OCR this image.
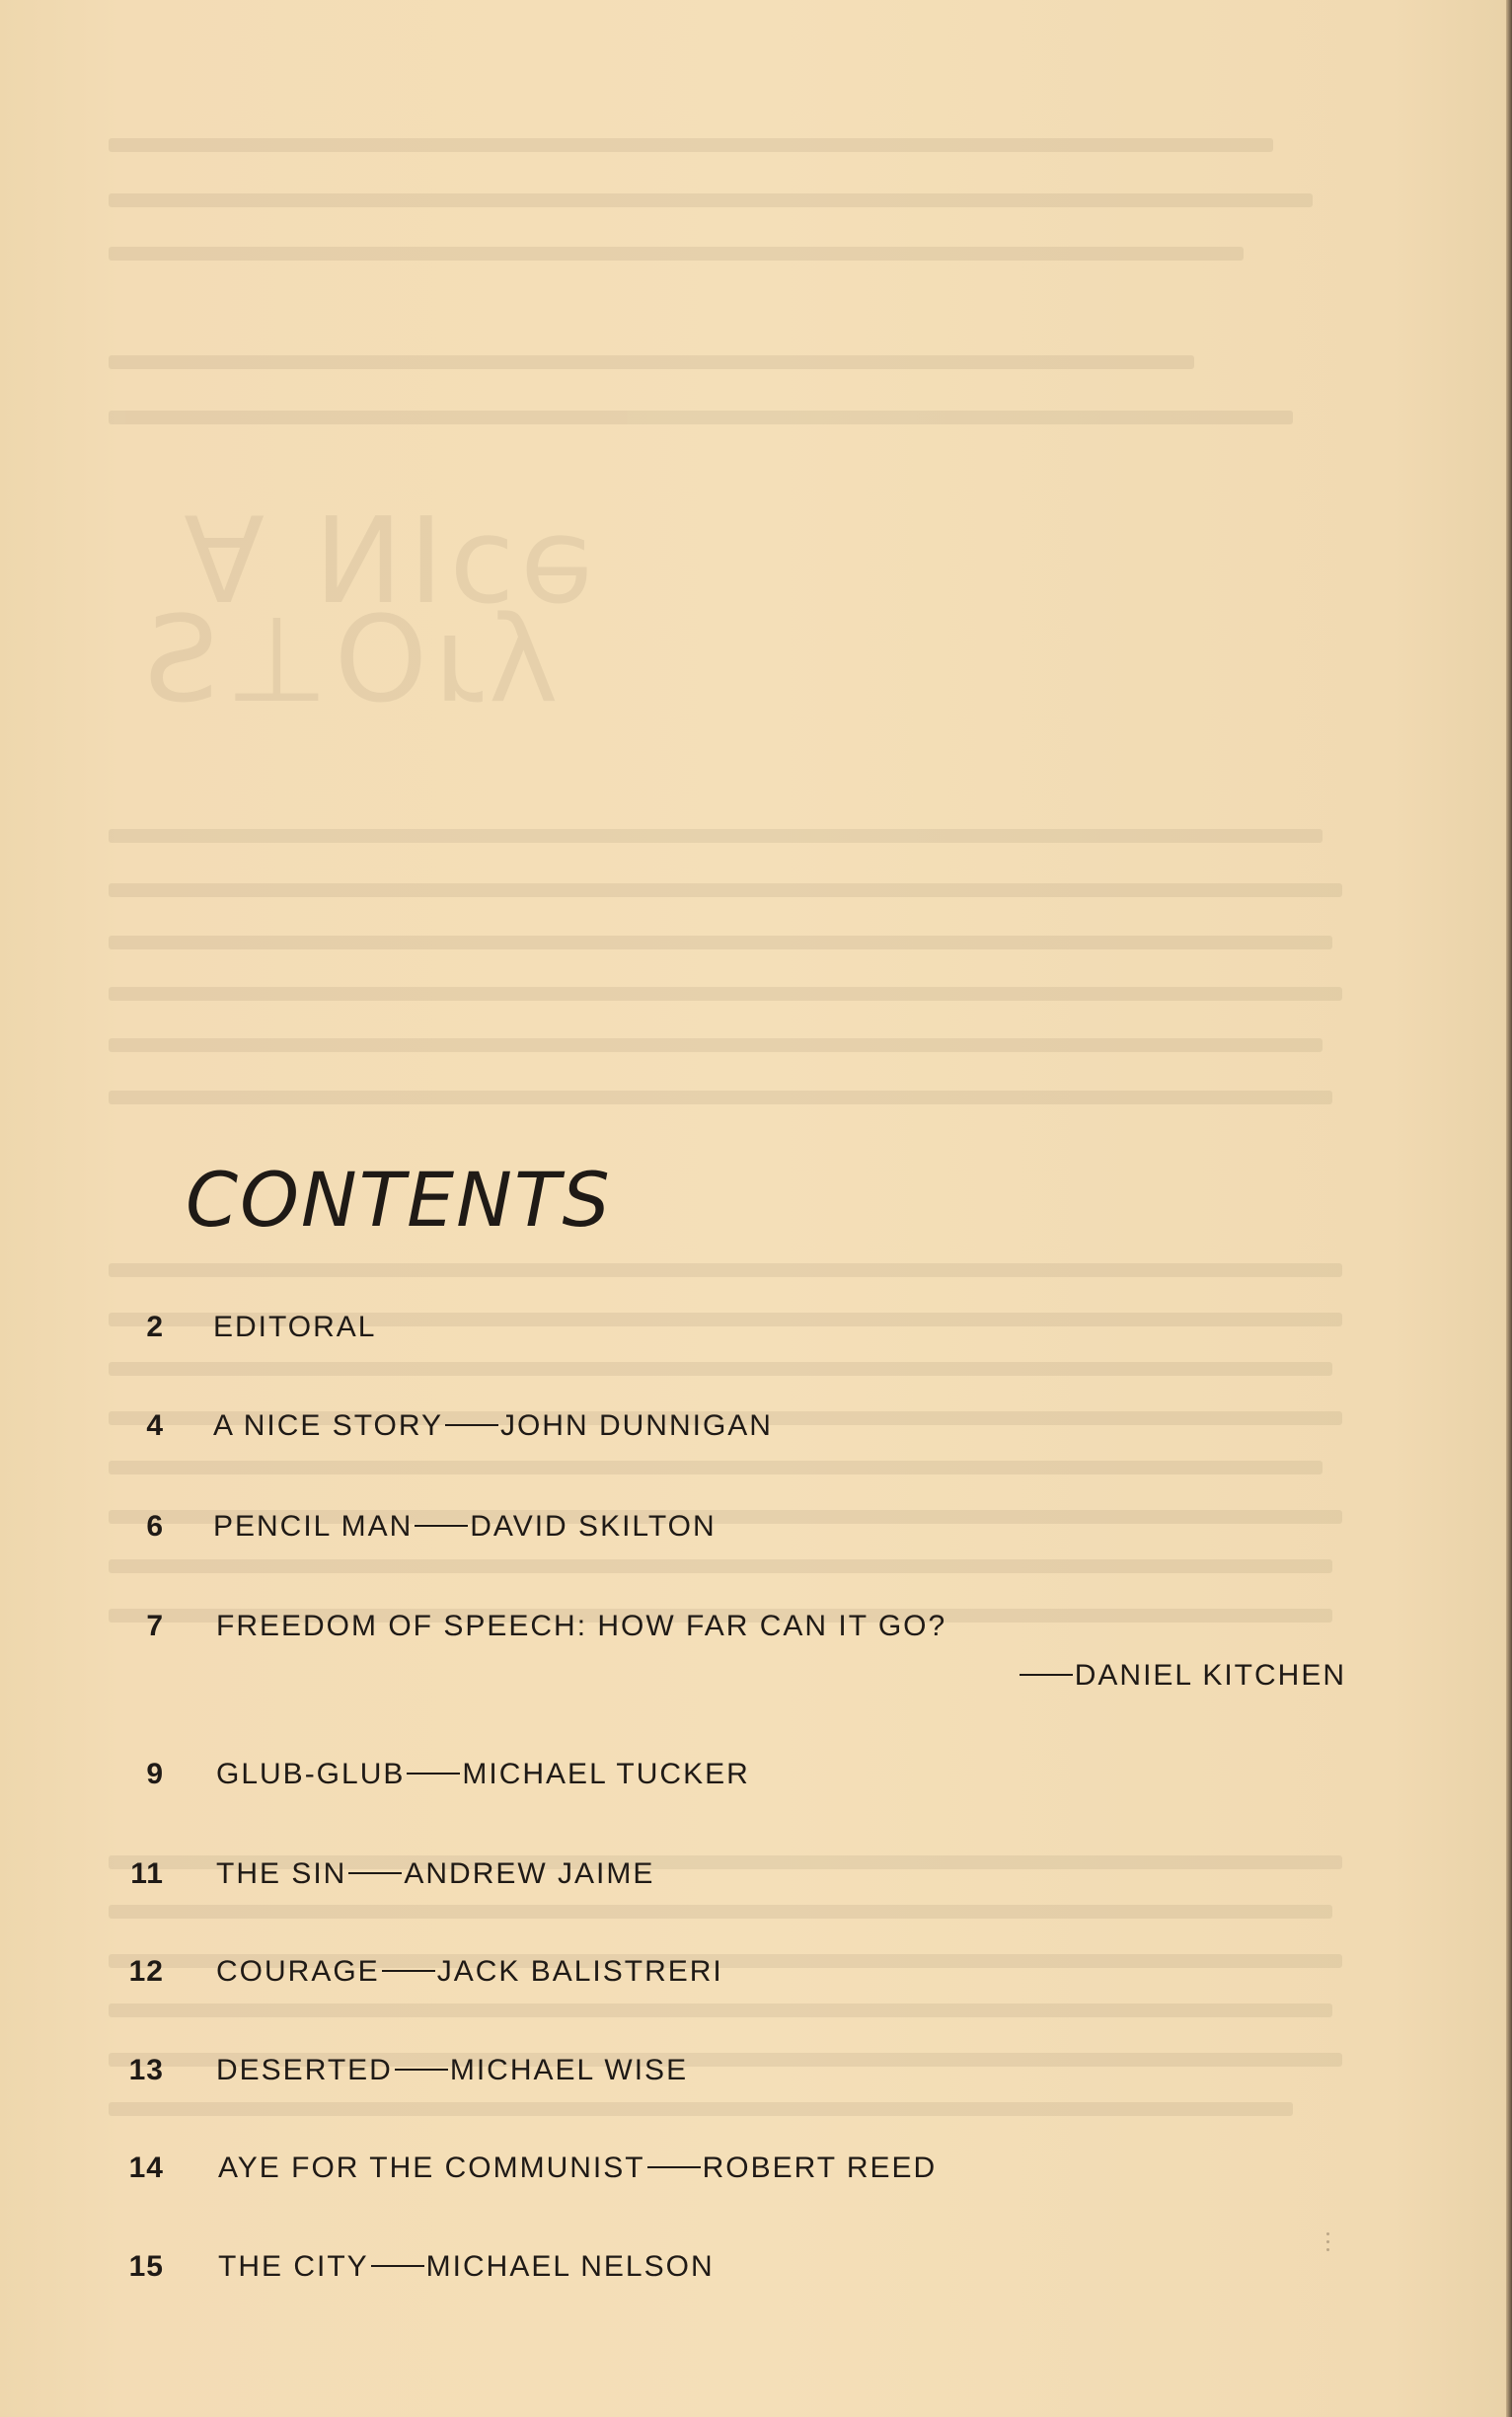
CONTENTS
2 EDITORAL
4 A NICE STORY JOHN DUNNIGAN
6 PENCIL MAN DAVID SKILTON
7 FREEDOM OF SPEECH: HOW FAR CAN IT GO?
DANIEL KITCHEN
9 GLUB-GLUB MICHAEL TUCKER
11 THE SIN ANDREW JAIME
12 COURAGE JACK BALISTRERI
13 DESERTED MICHAEL WISE
14 AYE FOR THE COMMUNIST ROBERT REED
15 THE CITY MICHAEL NELSON
